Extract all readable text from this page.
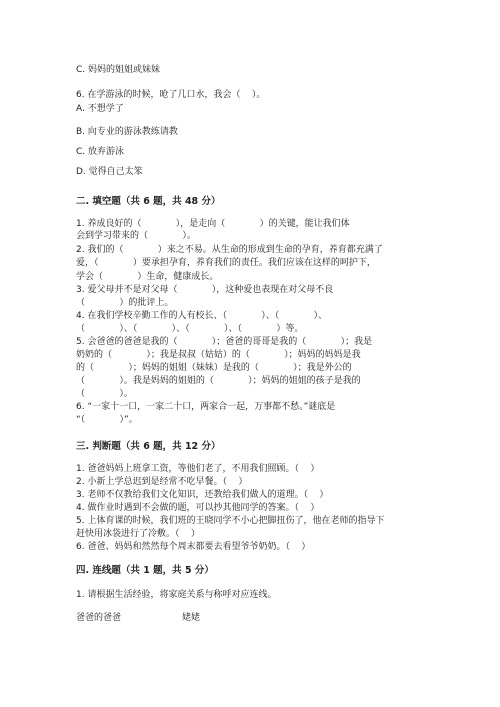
C. 妈妈的姐姐或妹妹

6. 在学游泳的时候，呛了几口水，我会（    ）。

A. 不想学了

B. 向专业的游泳教练请教

C. 放弃游泳

D. 觉得自己太笨

二. 填空题（共 6 题，共 48 分）

1. 养成良好的（            ），是走向（            ）的关键，能让我们体

会到学习带来的（            ）。

2. 我们的（            ）来之不易。从生命的形成到生命的孕育，养育都充满了

爱，（            ）要承担孕育，养育我们的责任。我们应该在这样的呵护下，

学会（            ）生命，健康成长。

3. 爱父母并不是对父母（            ），这种爱也表现在对父母不良

（            ）的批评上。

4. 在我们学校辛勤工作的人有校长、（            ）、（            ）、

（            ）、（            ）、（            ）、（            ）等。

5. 会爸爸的爸爸是我的（            ）；爸爸的哥哥是我的（            ）；我是

奶奶的（            ）；我是叔叔（姑姑）的（            ）；妈妈的妈妈是我

的（            ）；妈妈的姐姐（妹妹）是我的（            ）；我是外公的

（            ）。我是妈妈的姐姐的（            ）；妈妈的姐姐的孩子是我的

（            ）。

6. “一家十一口，一家二十口，两家合一起，万事都不愁。”谜底是

“（            ）”。

三. 判断题（共 6 题，共 12 分）

1. 爸爸妈妈上班拿工资，等他们老了，不用我们照顾。（    ）

2. 小新上学总迟到是经常不吃早餐。（    ）

3. 老师不仅教给我们文化知识，还教给我们做人的道理。（    ）

4. 做作业时遇到不会做的题，可以抄其他同学的答案。（    ）

5. 上体育课的时候，我们班的王晓同学不小心把脚扭伤了，他在老师的指导下

赶快用冰袋进行了冷敷。（    ）

6. 爸爸、妈妈和然然每个周末都要去看望爷爷奶奶。（    ）

四. 连线题（共 1 题，共 5 分）

1. 请根据生活经验，将家庭关系与称呼对应连线。

爸爸的爸爸	姥姥
